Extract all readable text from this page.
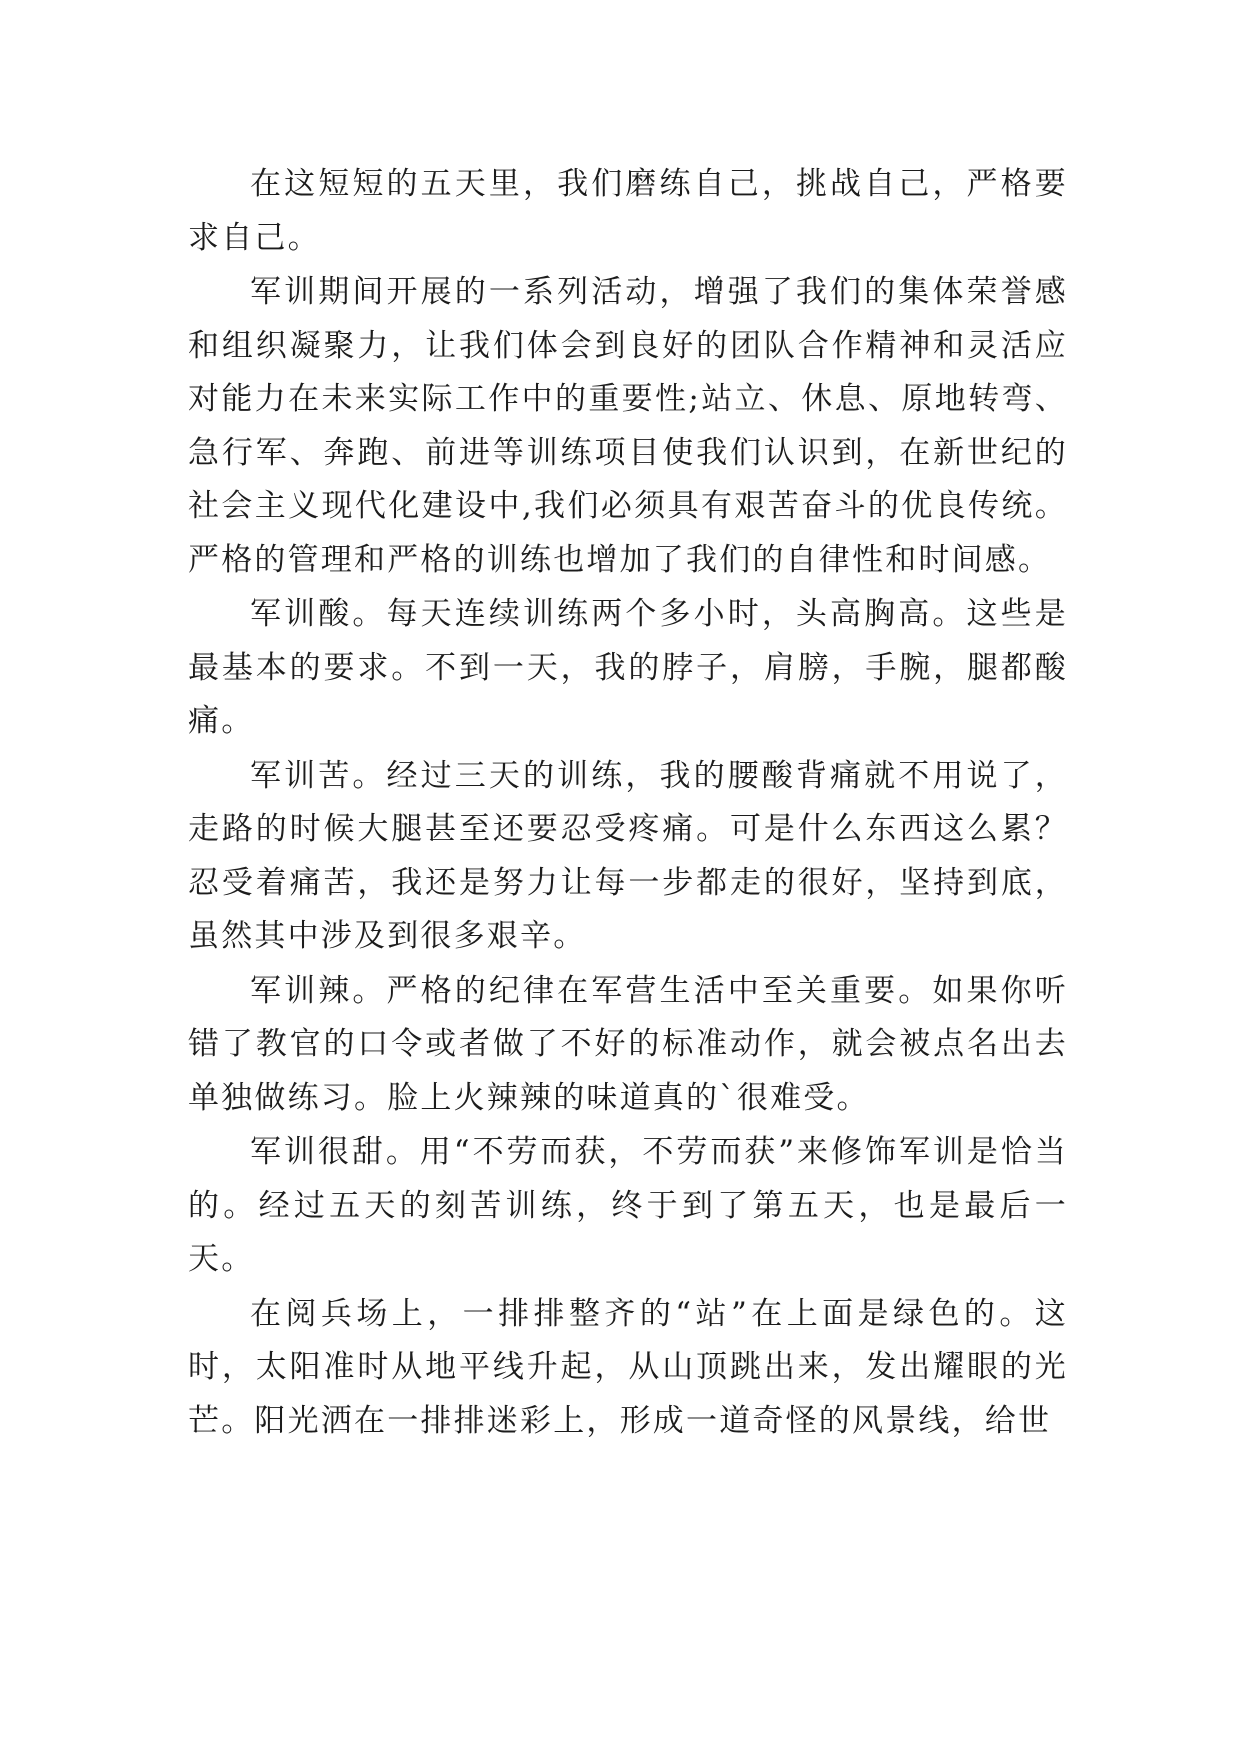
在这短短的五天里，我们磨练自己，挑战自己，严格要求自己。

军训期间开展的一系列活动，增强了我们的集体荣誉感和组织凝聚力，让我们体会到良好的团队合作精神和灵活应对能力在未来实际工作中的重要性;站立、休息、原地转弯、急行军、奔跑、前进等训练项目使我们认识到，在新世纪的社会主义现代化建设中,我们必须具有艰苦奋斗的优良传统。严格的管理和严格的训练也增加了我们的自律性和时间感。

军训酸。每天连续训练两个多小时，头高胸高。这些是最基本的要求。不到一天，我的脖子，肩膀，手腕，腿都酸痛。

军训苦。经过三天的训练，我的腰酸背痛就不用说了，走路的时候大腿甚至还要忍受疼痛。可是什么东西这么累？忍受着痛苦，我还是努力让每一步都走的很好，坚持到底，虽然其中涉及到很多艰辛。

军训辣。严格的纪律在军营生活中至关重要。如果你听错了教官的口令或者做了不好的标准动作，就会被点名出去单独做练习。脸上火辣辣的味道真的`很难受。

军训很甜。用“不劳而获，不劳而获”来修饰军训是恰当的。经过五天的刻苦训练，终于到了第五天，也是最后一天。

在阅兵场上，一排排整齐的“站”在上面是绿色的。这时，太阳准时从地平线升起，从山顶跳出来，发出耀眼的光芒。阳光洒在一排排迷彩上，形成一道奇怪的风景线，给世
